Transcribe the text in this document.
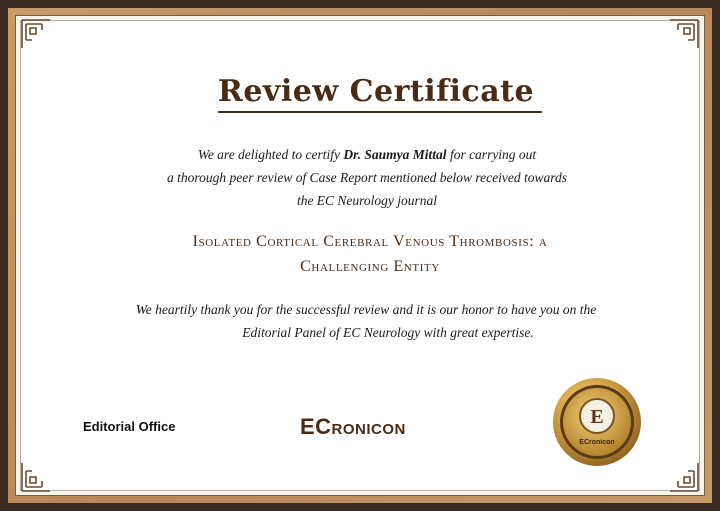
Review Certificate
We are delighted to certify Dr. Saumya Mittal for carrying out
a thorough peer review of Case Report mentioned below received towards
the EC Neurology journal
Isolated Cortical Cerebral Venous Thrombosis: a
Challenging Entity
We heartily thank you for the successful review and it is our honor to have you on the

Editorial Panel of EC Neurology with great expertise.
Editorial Office	ECronicon	E
ECronicon
